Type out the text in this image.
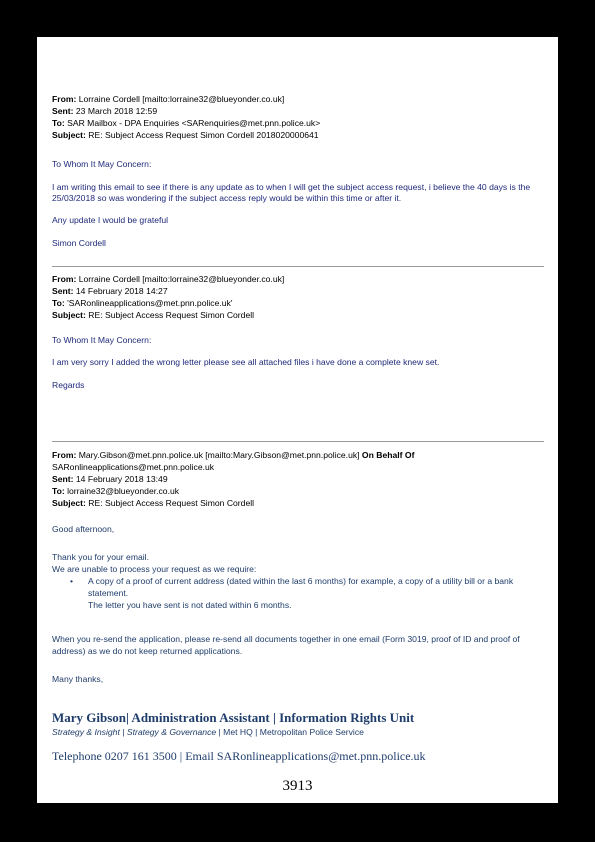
From: Lorraine Cordell [mailto:lorraine32@blueyonder.co.uk]
Sent: 23 March 2018 12:59
To: SAR Mailbox - DPA Enquiries <SARenquiries@met.pnn.police.uk>
Subject: RE: Subject Access Request Simon Cordell 2018020000641

To Whom It May Concern:

I am writing this email to see if there is any update as to when I will get the subject access request, i believe the 40 days is the 25/03/2018 so was wondering if the subject access reply would be within this time or after it.

Any update I would be grateful

Simon Cordell

From: Lorraine Cordell [mailto:lorraine32@blueyonder.co.uk]
Sent: 14 February 2018 14:27
To: 'SARonlineapplications@met.pnn.police.uk'
Subject: RE: Subject Access Request Simon Cordell

To Whom It May Concern:

I am very sorry I added the wrong letter please see all attached files i have done a complete knew set.

Regards

From: Mary.Gibson@met.pnn.police.uk [mailto:Mary.Gibson@met.pnn.police.uk] On Behalf Of
SARonlineapplications@met.pnn.police.uk
Sent: 14 February 2018 13:49
To: lorraine32@blueyonder.co.uk
Subject: RE: Subject Access Request Simon Cordell
Good afternoon,
Thank you for your email.
We are unable to process your request as we require:
• A copy of a proof of current address (dated within the last 6 months) for example, a copy of a utility bill or a bank statement.
The letter you have sent is not dated within 6 months.
When you re-send the application, please re-send all documents together in one email (Form 3019, proof of ID and proof of address) as we do not keep returned applications.
Many thanks,
Mary Gibson| Administration Assistant | Information Rights Unit
Strategy & Insight | Strategy & Governance | Met HQ | Metropolitan Police Service
Telephone 0207 161 3500 | Email SARonlineapplications@met.pnn.police.uk
3913
